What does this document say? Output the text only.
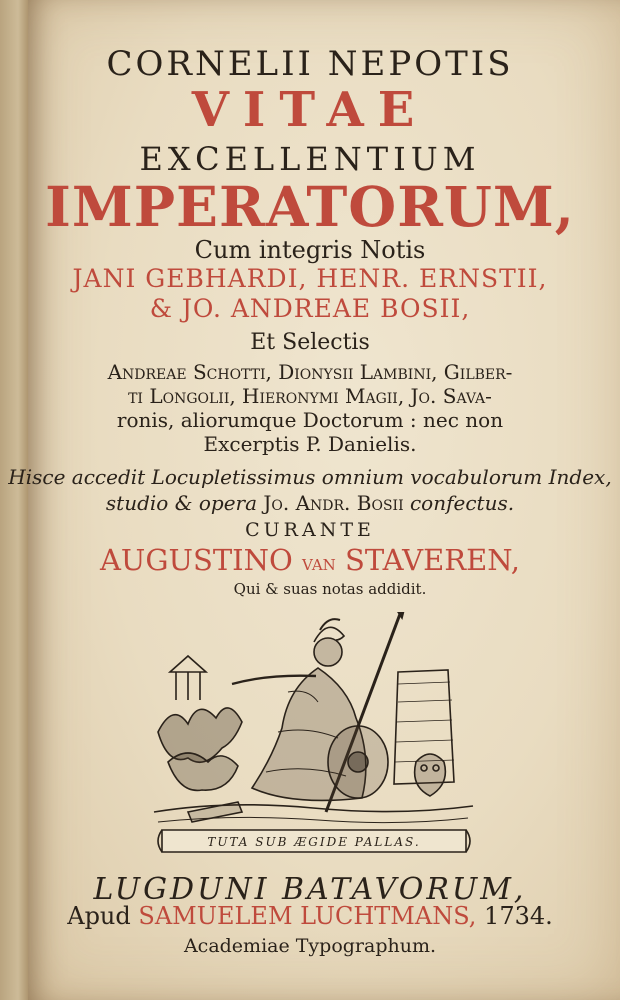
CORNELII NEPOTIS
VITAE
EXCELLENTIUM
IMPERATORUM,
Cum integris Notis
JANI GEBHARDI, HENR. ERNSTII,
& JO. ANDREAE BOSII,
Et Selectis
Andreae Schotti, Dionysii Lambini, Gilber-
ti Longolii, Hieronymi Magii, Jo. Sava-
ronis, aliorumque Doctorum : nec non
Excerptis P. Danielis.
Hisce accedit Locupletissimus omnium vocabulorum Index,
studio & opera Jo. Andr. Bosii confectus.
CURANTE
AUGUSTINO van STAVEREN,
Qui & suas notas addidit.
TUTA SUB ÆGIDE PALLAS.
LUGDUNI BATAVORUM,
Apud SAMUELEM LUCHTMANS, 1734.
Academiae Typographum.
